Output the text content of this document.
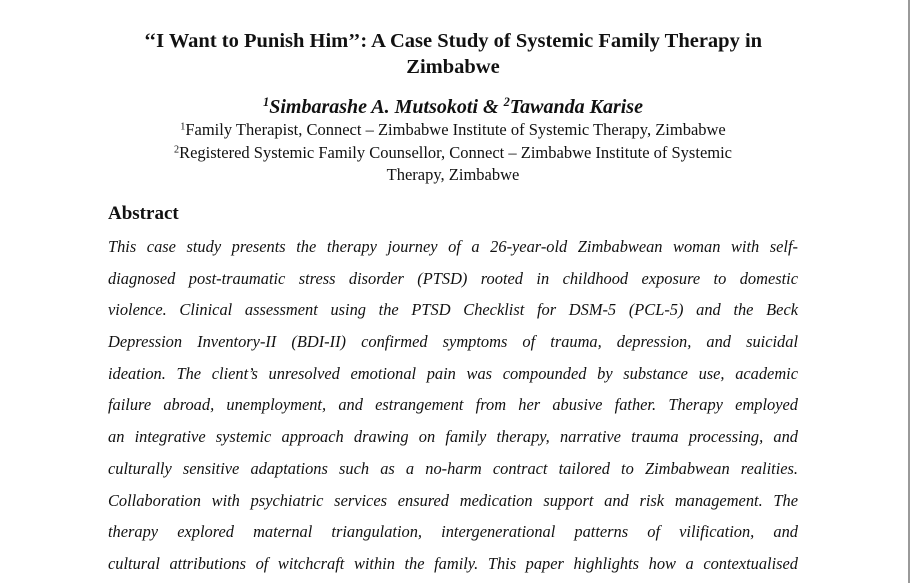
‘‘I Want to Punish Him’’: A Case Study of Systemic Family Therapy in
Zimbabwe
$^1$Simbarashe A. Mutsokoti & $^2$Tawanda Karise
$^1$Family Therapist, Connect – Zimbabwe Institute of Systemic Therapy, Zimbabwe
$^2$Registered Systemic Family Counsellor, Connect – Zimbabwe Institute of Systemic
Therapy, Zimbabwe
Abstract
This case study presents the therapy journey of a 26-year-old Zimbabwean woman with self-
diagnosed post-traumatic stress disorder (PTSD) rooted in childhood exposure to domestic
violence. Clinical assessment using the PTSD Checklist for DSM-5 (PCL-5) and the Beck
Depression Inventory-II (BDI-II) confirmed symptoms of trauma, depression, and suicidal
ideation. The client’s unresolved emotional pain was compounded by substance use, academic
failure abroad, unemployment, and estrangement from her abusive father. Therapy employed
an integrative systemic approach drawing on family therapy, narrative trauma processing, and
culturally sensitive adaptations such as a no-harm contract tailored to Zimbabwean realities.
Collaboration with psychiatric services ensured medication support and risk management. The
therapy explored maternal triangulation, intergenerational patterns of vilification, and
cultural attributions of witchcraft within the family. This paper highlights how a contextualised
